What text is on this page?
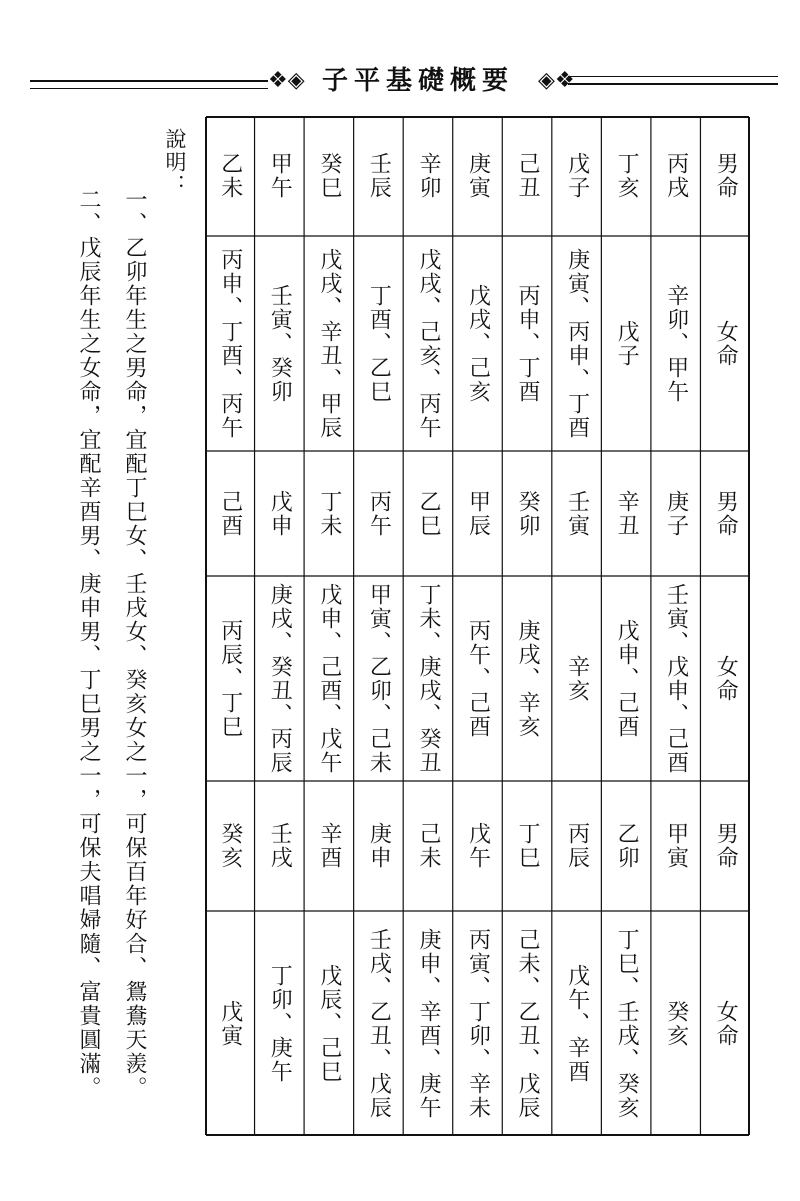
❖◈ 子平基礎概要	◈❖
說明：
一、乙卯年生之男命，宜配丁巳女、壬戌女、癸亥女之一，可保百年好合、鴛鴦天羨。
二、戊辰年生之女命，宜配辛酉男、庚申男、丁巳男之一，可保夫唱婦隨、富貴圓滿。
男命
女命
男命
女命
男命
女命
丙戌
辛卯、甲午
庚子
壬寅、戊申、己酉
甲寅
癸亥
丁亥
戊子
辛丑
戊申、己酉
乙卯
丁巳、壬戌、癸亥
戊子
庚寅、丙申、丁酉
壬寅
辛亥
丙辰
戊午、辛酉
己丑
丙申、丁酉
癸卯
庚戌、辛亥
丁巳
己未、乙丑、戊辰
庚寅
戊戌、己亥
甲辰
丙午、己酉
戊午
丙寅、丁卯、辛未
辛卯
戊戌、己亥、丙午
乙巳
丁未、庚戌、癸丑
己未
庚申、辛酉、庚午
壬辰
丁酉、乙巳
丙午
甲寅、乙卯、己未
庚申
壬戌、乙丑、戊辰
癸巳
戊戌、辛丑、甲辰
丁未
戊申、己酉、戊午
辛酉
戊辰、己巳
甲午
壬寅、癸卯
戊申
庚戌、癸丑、丙辰
壬戌
丁卯、庚午
乙未
丙申、丁酉、丙午
己酉
丙辰、丁巳
癸亥
戊寅
